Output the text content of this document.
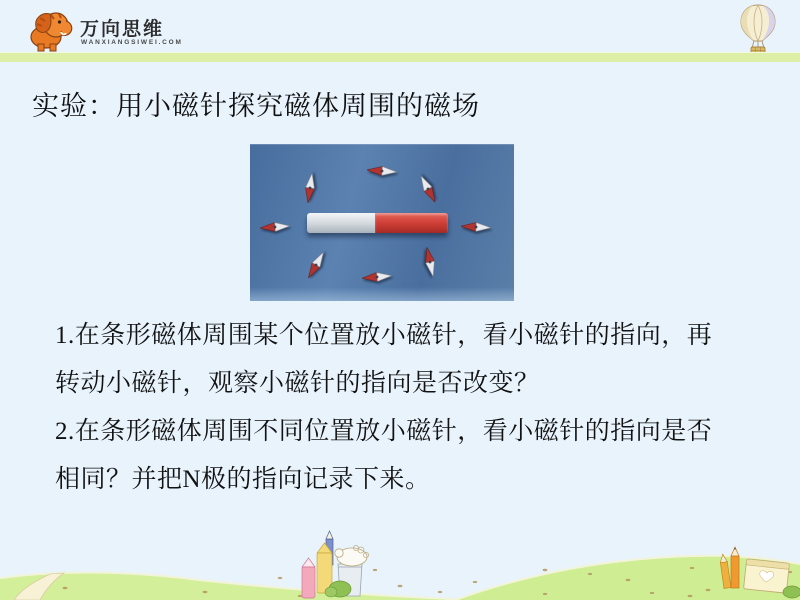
万向思维
WANXIANGSIWEI.COM
实验：用小磁针探究磁体周围的磁场

1.在条形磁体周围某个位置放小磁针，看小磁针的指向，再

转动小磁针，观察小磁针的指向是否改变？

2.在条形磁体周围不同位置放小磁针，看小磁针的指向是否

相同？并把N极的指向记录下来。
